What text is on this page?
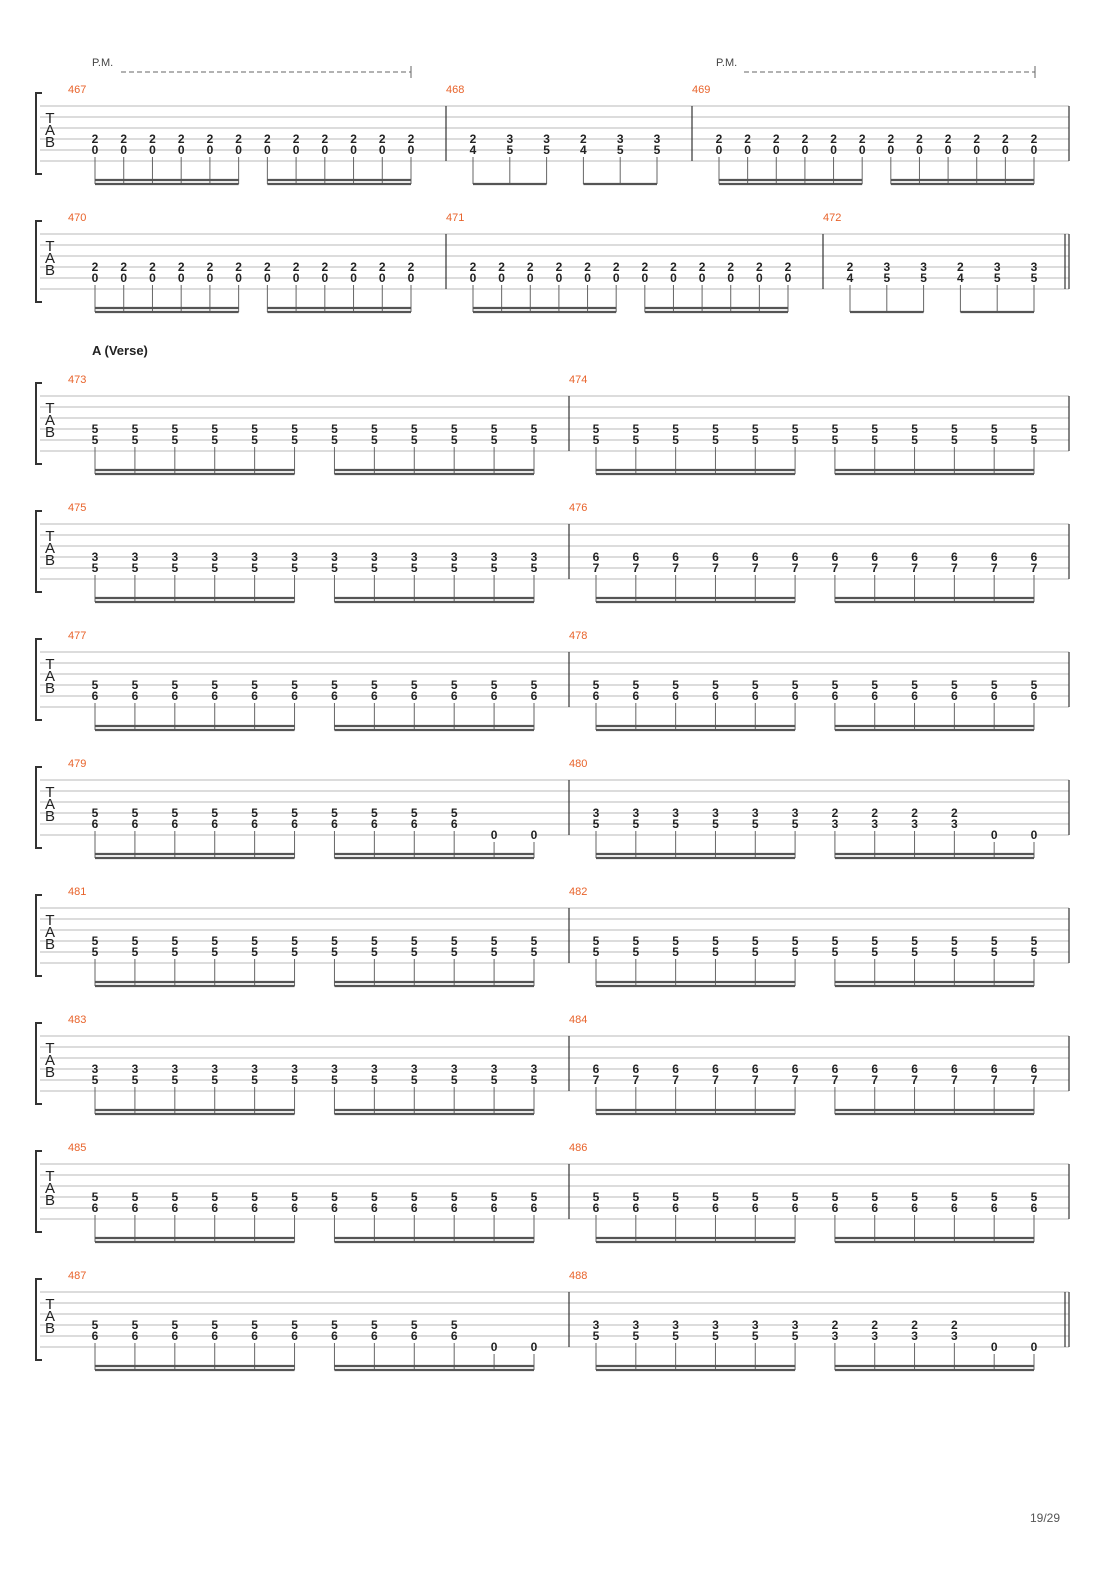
P.M.	P.M.
A (Verse)
19/29
T
A
B
467
2
0
2
0
2
0
2
0
2
0
2
0
2
0
2
0
2
0
2
0
2
0
2
0
468
2
4
3
5
3
5
2
4
3
5
3
5
469
2
0
2
0
2
0
2
0
2
0
2
0
2
0
2
0
2
0
2
0
2
0
2
0
T
A
B
470
2
0
2
0
2
0
2
0
2
0
2
0
2
0
2
0
2
0
2
0
2
0
2
0
471
2
0
2
0
2
0
2
0
2
0
2
0
2
0
2
0
2
0
2
0
2
0
2
0
472
2
4
3
5
3
5
2
4
3
5
3
5
T
A
B
473
5
5
5
5
5
5
5
5
5
5
5
5
5
5
5
5
5
5
5
5
5
5
5
5
474
5
5
5
5
5
5
5
5
5
5
5
5
5
5
5
5
5
5
5
5
5
5
5
5
T
A
B
475
3
5
3
5
3
5
3
5
3
5
3
5
3
5
3
5
3
5
3
5
3
5
3
5
476
6
7
6
7
6
7
6
7
6
7
6
7
6
7
6
7
6
7
6
7
6
7
6
7
T
A
B
477
5
6
5
6
5
6
5
6
5
6
5
6
5
6
5
6
5
6
5
6
5
6
5
6
478
5
6
5
6
5
6
5
6
5
6
5
6
5
6
5
6
5
6
5
6
5
6
5
6
T
A
B
479
5
6
5
6
5
6
5
6
5
6
5
6
5
6
5
6
5
6
5
6
0	0
480
3
5
3
5
3
5
3
5
3
5
3
5
2
3
2
3
2
3
2
3
0	0
T
A
B
481
5
5
5
5
5
5
5
5
5
5
5
5
5
5
5
5
5
5
5
5
5
5
5
5
482
5
5
5
5
5
5
5
5
5
5
5
5
5
5
5
5
5
5
5
5
5
5
5
5
T
A
B
483
3
5
3
5
3
5
3
5
3
5
3
5
3
5
3
5
3
5
3
5
3
5
3
5
484
6
7
6
7
6
7
6
7
6
7
6
7
6
7
6
7
6
7
6
7
6
7
6
7
T
A
B
485
5
6
5
6
5
6
5
6
5
6
5
6
5
6
5
6
5
6
5
6
5
6
5
6
486
5
6
5
6
5
6
5
6
5
6
5
6
5
6
5
6
5
6
5
6
5
6
5
6
T
A
B
487
5
6
5
6
5
6
5
6
5
6
5
6
5
6
5
6
5
6
5
6
0	0
488
3
5
3
5
3
5
3
5
3
5
3
5
2
3
2
3
2
3
2
3
0	0
